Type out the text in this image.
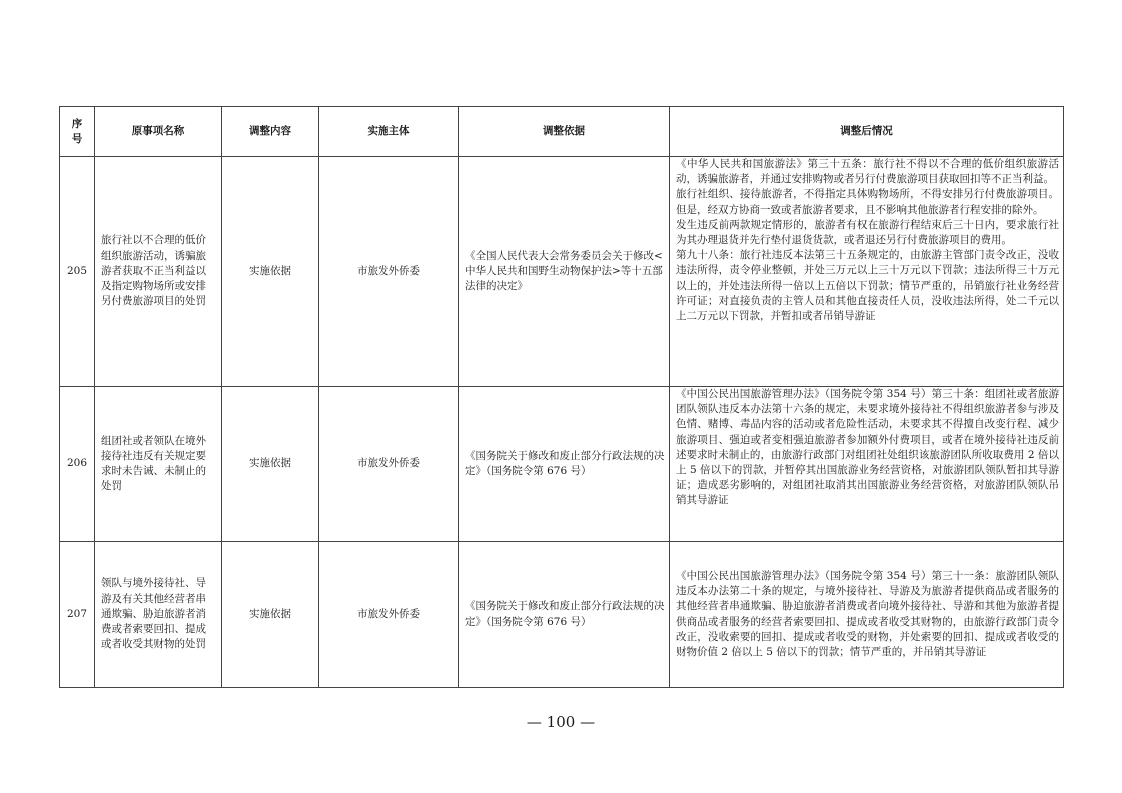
序
号	原事项名称	调整内容	实施主体	调整依据	调整后情况
205	旅行社以不合理的低价组织旅游活动，诱骗旅游者获取不正当利益以及指定购物场所或安排另付费旅游项目的处罚	实施依据	市旅发外侨委	《全国人民代表大会常务委员会关于修改<中华人民共和国野生动物保护法>等十五部法律的决定》	《中华人民共和国旅游法》第三十五条：旅行社不得以不合理的低价组织旅游活动，诱骗旅游者，并通过安排购物或者另行付费旅游项目获取回扣等不正当利益。

旅行社组织、接待旅游者，不得指定具体购物场所，不得安排另行付费旅游项目。但是，经双方协商一致或者旅游者要求，且不影响其他旅游者行程安排的除外。

发生违反前两款规定情形的，旅游者有权在旅游行程结束后三十日内，要求旅行社为其办理退货并先行垫付退货货款，或者退还另行付费旅游项目的费用。

第九十八条：旅行社违反本法第三十五条规定的，由旅游主管部门责令改正，没收违法所得，责令停业整顿，并处三万元以上三十万元以下罚款；违法所得三十万元以上的，并处违法所得一倍以上五倍以下罚款；情节严重的，吊销旅行社业务经营许可证；对直接负责的主管人员和其他直接责任人员，没收违法所得，处二千元以上二万元以下罚款，并暂扣或者吊销导游证

206	组团社或者领队在境外接待社违反有关规定要求时未告诫、未制止的处罚	实施依据	市旅发外侨委	《国务院关于修改和废止部分行政法规的决定》（国务院令第 676 号）	《中国公民出国旅游管理办法》（国务院令第 354 号）第三十条：组团社或者旅游团队领队违反本办法第十六条的规定，未要求境外接待社不得组织旅游者参与涉及色情、赌博、毒品内容的活动或者危险性活动，未要求其不得擅自改变行程、减少旅游项目、强迫或者变相强迫旅游者参加额外付费项目，或者在境外接待社违反前述要求时未制止的，由旅游行政部门对组团社处组织该旅游团队所收取费用 2 倍以上 5 倍以下的罚款，并暂停其出国旅游业务经营资格，对旅游团队领队暂扣其导游证；造成恶劣影响的，对组团社取消其出国旅游业务经营资格，对旅游团队领队吊销其导游证

207	领队与境外接待社、导游及有关其他经营者串通欺骗、胁迫旅游者消费或者索要回扣、提成或者收受其财物的处罚	实施依据	市旅发外侨委	《国务院关于修改和废止部分行政法规的决定》（国务院令第 676 号）	《中国公民出国旅游管理办法》（国务院令第 354 号）第三十一条：旅游团队领队违反本办法第二十条的规定，与境外接待社、导游及为旅游者提供商品或者服务的其他经营者串通欺骗、胁迫旅游者消费或者向境外接待社、导游和其他为旅游者提供商品或者服务的经营者索要回扣、提成或者收受其财物的，由旅游行政部门责令改正，没收索要的回扣、提成或者收受的财物，并处索要的回扣、提成或者收受的财物价值 2 倍以上 5 倍以下的罚款；情节严重的，并吊销其导游证

— 100 —
